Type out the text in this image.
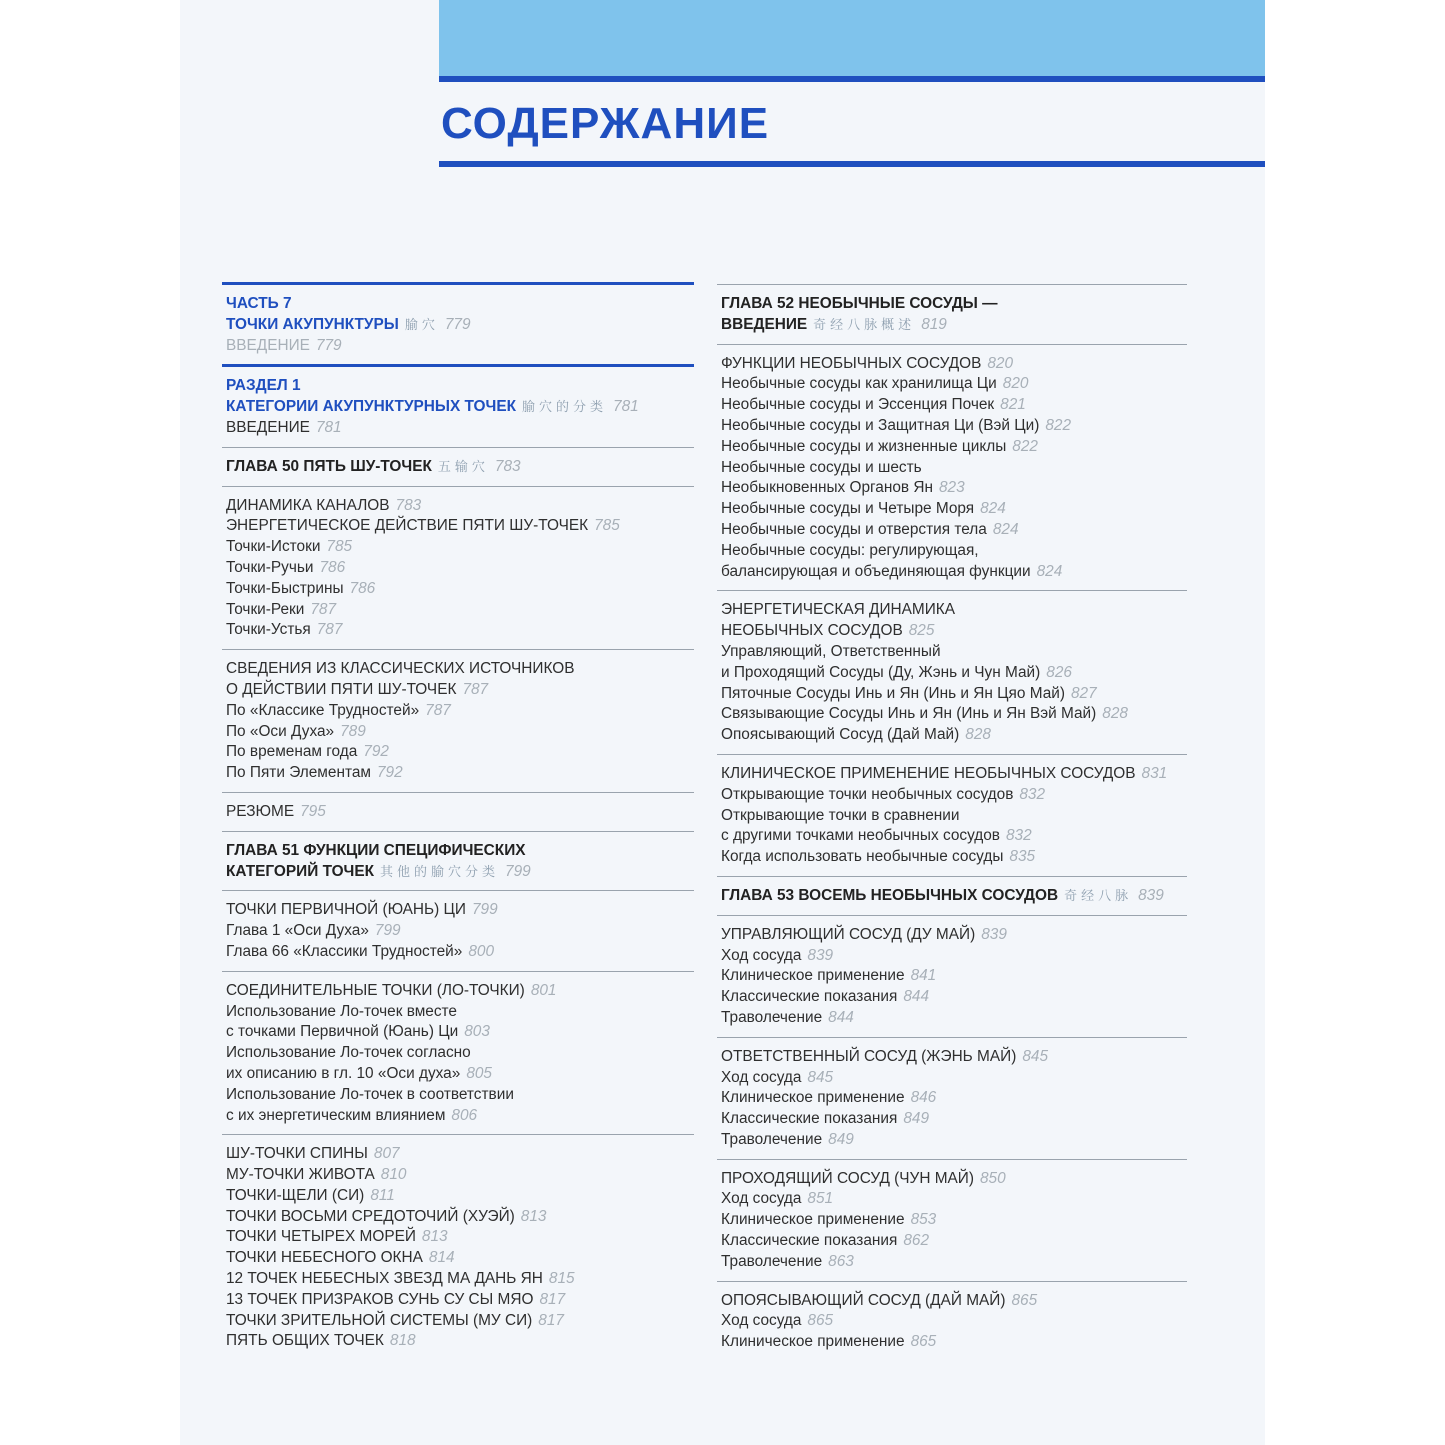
СОДЕРЖАНИЕ
ЧАСТЬ 7
ТОЧКИ АКУПУНКТУРЫ 腧穴 779
ВВЕДЕНИЕ 779
РАЗДЕЛ 1
КАТЕГОРИИ АКУПУНКТУРНЫХ ТОЧЕК 腧穴的分类 781
ВВЕДЕНИЕ 781
ГЛАВА 50 ПЯТЬ ШУ-ТОЧЕК 五输穴 783
ДИНАМИКА КАНАЛОВ 783
ЭНЕРГЕТИЧЕСКОЕ ДЕЙСТВИЕ ПЯТИ ШУ-ТОЧЕК 785
Точки-Истоки 785
Точки-Ручьи 786
Точки-Быстрины 786
Точки-Реки 787
Точки-Устья 787
СВЕДЕНИЯ ИЗ КЛАССИЧЕСКИХ ИСТОЧНИКОВ
О ДЕЙСТВИИ ПЯТИ ШУ-ТОЧЕК 787
По «Классике Трудностей» 787
По «Оси Духа» 789
По временам года 792
По Пяти Элементам 792
РЕЗЮМЕ 795
ГЛАВА 51 ФУНКЦИИ СПЕЦИФИЧЕСКИХ
КАТЕГОРИЙ ТОЧЕК 其他的腧穴分类 799
ТОЧКИ ПЕРВИЧНОЙ (ЮАНЬ) ЦИ 799
Глава 1 «Оси Духа» 799
Глава 66 «Классики Трудностей» 800
СОЕДИНИТЕЛЬНЫЕ ТОЧКИ (ЛО-ТОЧКИ) 801
Использование Ло-точек вместе
с точками Первичной (Юань) Ци 803
Использование Ло-точек согласно
их описанию в гл. 10 «Оси духа» 805
Использование Ло-точек в соответствии
с их энергетическим влиянием 806
ШУ-ТОЧКИ СПИНЫ 807
МУ-ТОЧКИ ЖИВОТА 810
ТОЧКИ-ЩЕЛИ (СИ) 811
ТОЧКИ ВОСЬМИ СРЕДОТОЧИЙ (ХУЭЙ) 813
ТОЧКИ ЧЕТЫРЕХ МОРЕЙ 813
ТОЧКИ НЕБЕСНОГО ОКНА 814
12 ТОЧЕК НЕБЕСНЫХ ЗВЕЗД МА ДАНЬ ЯН 815
13 ТОЧЕК ПРИЗРАКОВ СУНЬ СУ СЫ МЯО 817
ТОЧКИ ЗРИТЕЛЬНОЙ СИСТЕМЫ (МУ СИ) 817
ПЯТЬ ОБЩИХ ТОЧЕК 818
ГЛАВА 52 НЕОБЫЧНЫЕ СОСУДЫ —
ВВЕДЕНИЕ 奇经八脉概述 819
ФУНКЦИИ НЕОБЫЧНЫХ СОСУДОВ 820
Необычные сосуды как хранилища Ци 820
Необычные сосуды и Эссенция Почек 821
Необычные сосуды и Защитная Ци (Вэй Ци) 822
Необычные сосуды и жизненные циклы 822
Необычные сосуды и шесть
Необыкновенных Органов Ян 823
Необычные сосуды и Четыре Моря 824
Необычные сосуды и отверстия тела 824
Необычные сосуды: регулирующая,
балансирующая и объединяющая функции 824
ЭНЕРГЕТИЧЕСКАЯ ДИНАМИКА
НЕОБЫЧНЫХ СОСУДОВ 825
Управляющий, Ответственный
и Проходящий Сосуды (Ду, Жэнь и Чун Май) 826
Пяточные Сосуды Инь и Ян (Инь и Ян Цяо Май) 827
Связывающие Сосуды Инь и Ян (Инь и Ян Вэй Май) 828
Опоясывающий Сосуд (Дай Май) 828
КЛИНИЧЕСКОЕ ПРИМЕНЕНИЕ НЕОБЫЧНЫХ СОСУДОВ 831
Открывающие точки необычных сосудов 832
Открывающие точки в сравнении
с другими точками необычных сосудов 832
Когда использовать необычные сосуды 835
ГЛАВА 53 ВОСЕМЬ НЕОБЫЧНЫХ СОСУДОВ 奇经八脉 839
УПРАВЛЯЮЩИЙ СОСУД (ДУ МАЙ) 839
Ход сосуда 839
Клиническое применение 841
Классические показания 844
Траволечение 844
ОТВЕТСТВЕННЫЙ СОСУД (ЖЭНЬ МАЙ) 845
Ход сосуда 845
Клиническое применение 846
Классические показания 849
Траволечение 849
ПРОХОДЯЩИЙ СОСУД (ЧУН МАЙ) 850
Ход сосуда 851
Клиническое применение 853
Классические показания 862
Траволечение 863
ОПОЯСЫВАЮЩИЙ СОСУД (ДАЙ МАЙ) 865
Ход сосуда 865
Клиническое применение 865
